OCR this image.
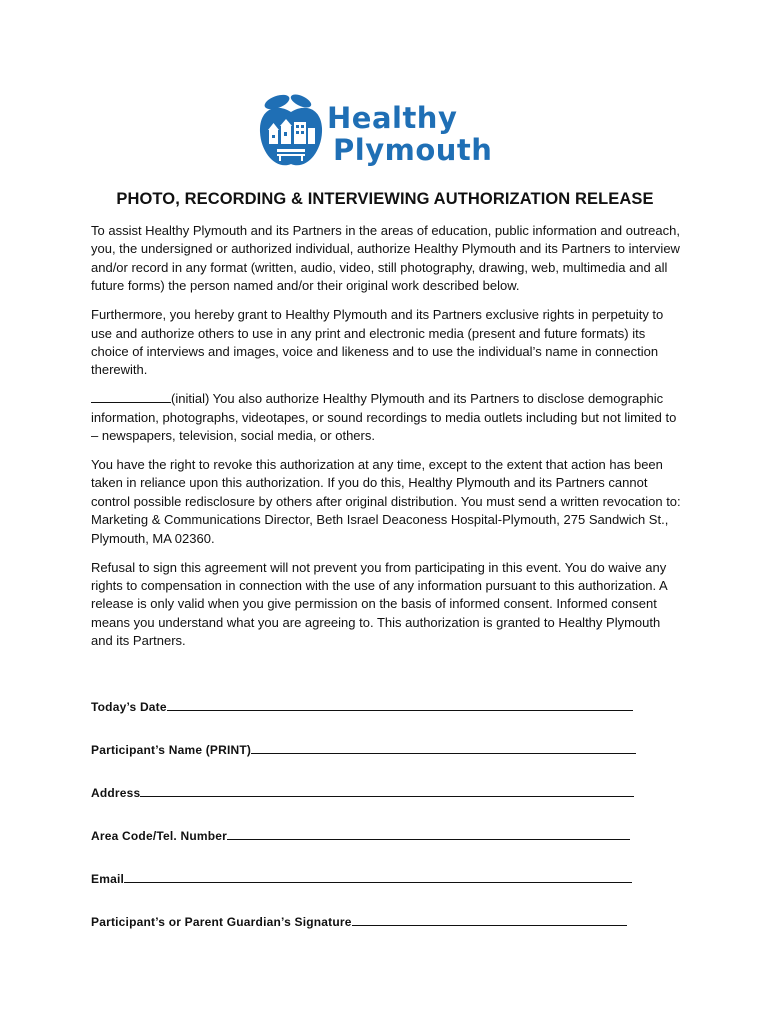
Healthy
Plymouth
PHOTO, RECORDING & INTERVIEWING AUTHORIZATION RELEASE

To assist Healthy Plymouth and its Partners in the areas of education, public information and outreach, you, the undersigned or authorized individual, authorize Healthy Plymouth and its Partners to interview and/or record in any format (written, audio, video, still photography, drawing, web, multimedia and all future forms) the person named and/or their original work described below.

Furthermore, you hereby grant to Healthy Plymouth and its Partners exclusive rights in perpetuity to use and authorize others to use in any print and electronic media (present and future formats) its choice of interviews and images, voice and likeness and to use the individual’s name in connection therewith.

(initial) You also authorize Healthy Plymouth and its Partners to disclose demographic information, photographs, videotapes, or sound recordings to media outlets including but not limited to – newspapers, television, social media, or others.

You have the right to revoke this authorization at any time, except to the extent that action has been taken in reliance upon this authorization. If you do this, Healthy Plymouth and its Partners cannot control possible redisclosure by others after original distribution. You must send a written revocation to: Marketing & Communications Director, Beth Israel Deaconess Hospital-Plymouth, 275 Sandwich St., Plymouth, MA 02360.

Refusal to sign this agreement will not prevent you from participating in this event. You do waive any rights to compensation in connection with the use of any information pursuant to this authorization. A release is only valid when you give permission on the basis of informed consent. Informed consent means you understand what you are agreeing to. This authorization is granted to Healthy Plymouth and its Partners.

Today’s Date
Participant’s Name (PRINT)
Address
Area Code/Tel. Number
Email
Participant’s or Parent Guardian’s Signature
